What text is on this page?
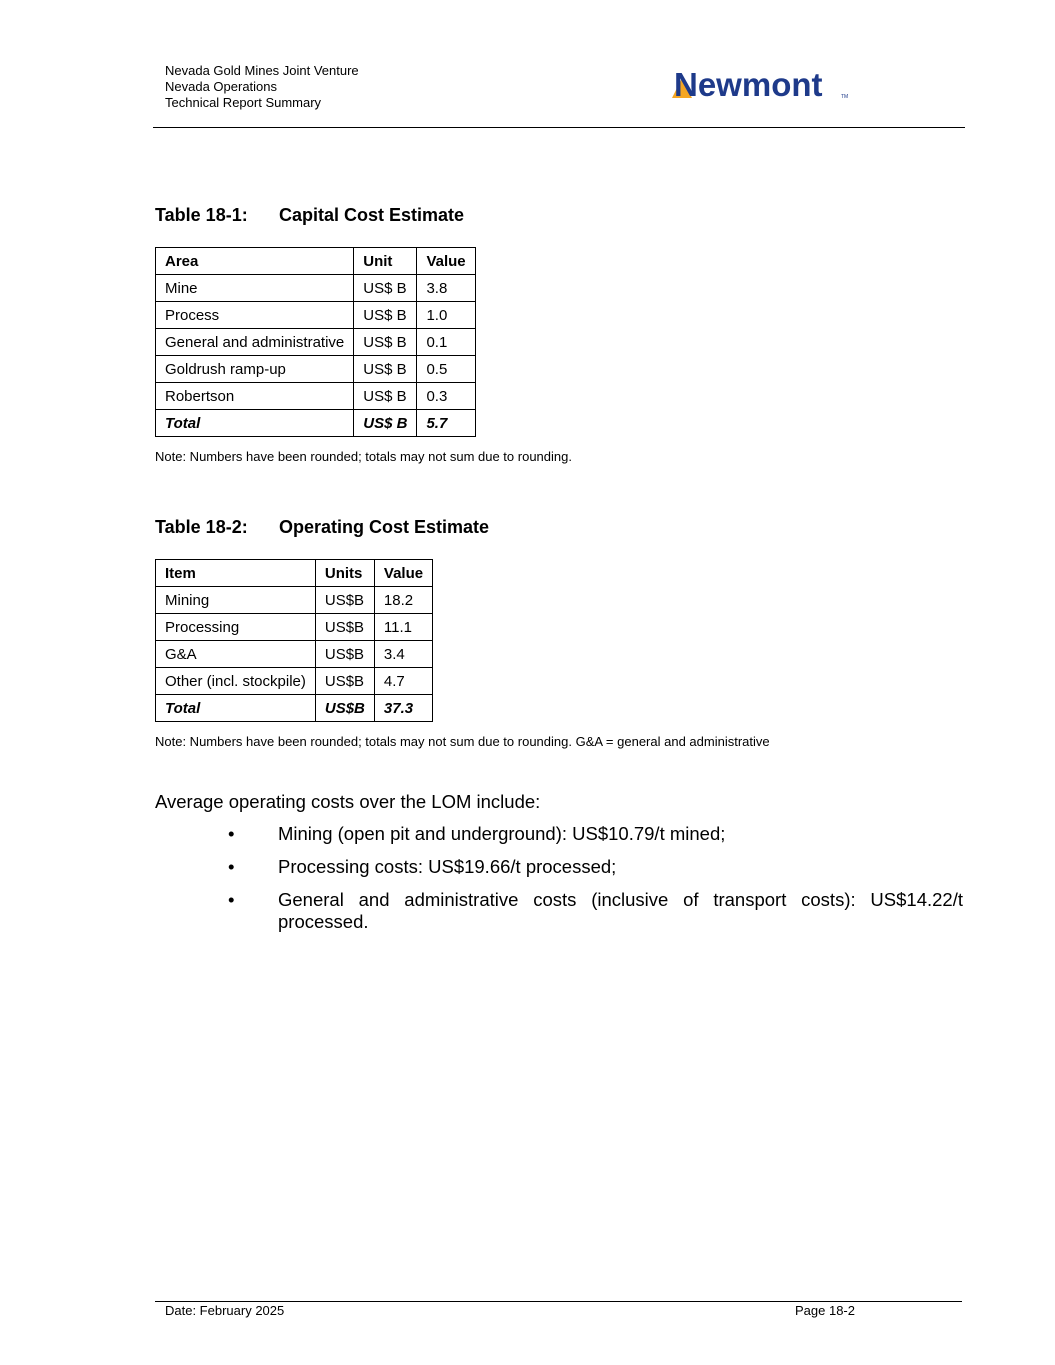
Nevada Gold Mines Joint Venture
Nevada Operations
Technical Report Summary	Newmont	TM
Table 18-1: Capital Cost Estimate
Area	Unit	Value
Mine	US$ B	3.8
Process	US$ B	1.0
General and administrative	US$ B	0.1
Goldrush ramp-up	US$ B	0.5
Robertson	US$ B	0.3
Total	US$ B	5.7
Note: Numbers have been rounded; totals may not sum due to rounding.
Table 18-2: Operating Cost Estimate
Item	Units	Value
Mining	US$B	18.2
Processing	US$B	11.1
G&A	US$B	3.4
Other (incl. stockpile)	US$B	4.7
Total	US$B	37.3
Note: Numbers have been rounded; totals may not sum due to rounding. G&A = general and administrative
Average operating costs over the LOM include:
• Mining (open pit and underground): US$10.79/t mined;
• Processing costs: US$19.66/t processed;
• General and administrative costs (inclusive of transport costs): US$14.22/t processed.
Date: February 2025	Page 18-2
